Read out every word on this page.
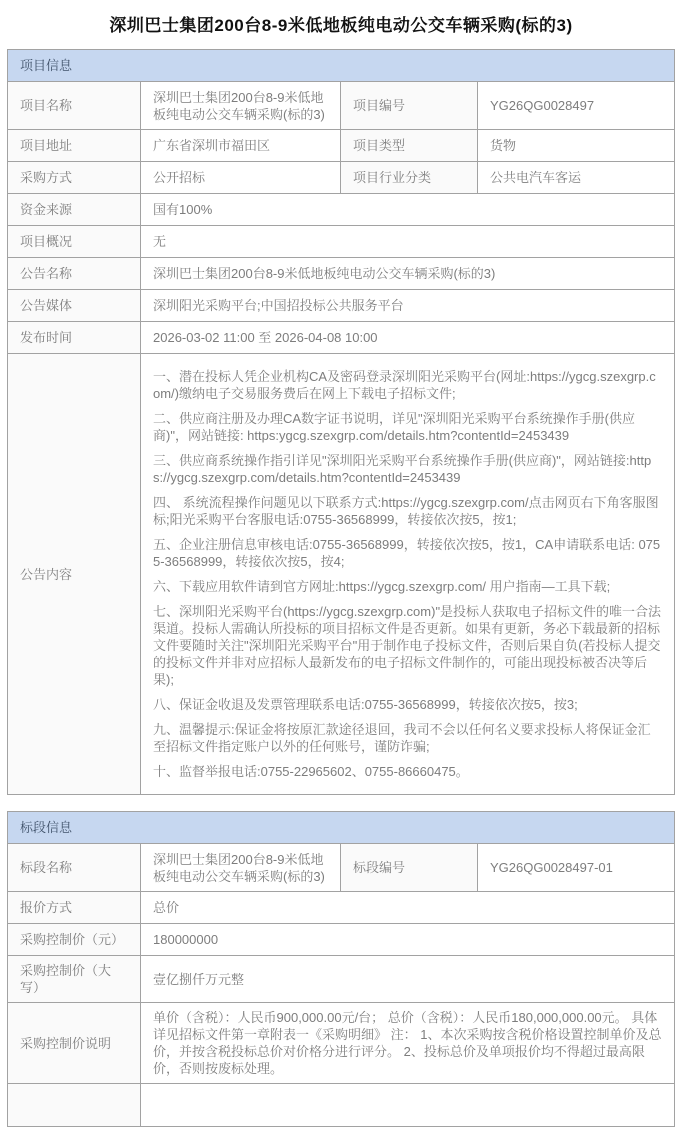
深圳巴士集团200台8-9米低地板纯电动公交车辆采购(标的3)
项目信息			
项目名称	深圳巴士集团200台8-9米低地板纯电动公交车辆采购(标的3)	项目编号	YG26QG0028497
项目地址	广东省深圳市福田区	项目类型	货物
采购方式	公开招标	项目行业分类	公共电汽车客运
资金来源	国有100%		
项目概况	无		
公告名称	深圳巴士集团200台8-9米低地板纯电动公交车辆采购(标的3)		
公告媒体	深圳阳光采购平台;中国招投标公共服务平台		
发布时间	2026-03-02 11:00 至 2026-04-08 10:00		
公告内容	

一、潜在投标人凭企业机构CA及密码登录深圳阳光采购平台(网址:https://ygcg.szexgrp.com/)缴纳电子交易服务费后在网上下载电子招标文件;

二、供应商注册及办理CA数字证书说明，详见"深圳阳光采购平台系统操作手册(供应商)"，网站链接: https:ygcg.szexgrp.com/details.htm?contentId=2453439

三、供应商系统操作指引详见"深圳阳光采购平台系统操作手册(供应商)"，网站链接:https://ygcg.szexgrp.com/details.htm?contentId=2453439

四、 系统流程操作问题见以下联系方式:https://ygcg.szexgrp.com/点击网页右下角客服图标;阳光采购平台客服电话:0755-36568999，转接依次按5，按1;

五、企业注册信息审核电话:0755-36568999，转接依次按5，按1，CA申请联系电话: 0755-36568999，转接依次按5，按4;

六、下载应用软件请到官方网址:https://ygcg.szexgrp.com/ 用户指南—工具下载;

七、深圳阳光采购平台(https://ygcg.szexgrp.com)"是投标人获取电子招标文件的唯一合法渠道。投标人需确认所投标的项目招标文件是否更新。如果有更新，务必下载最新的招标文件要随时关注"深圳阳光采购平台"用于制作电子投标文件，否则后果自负(若投标人提交的投标文件并非对应招标人最新发布的电子招标文件制作的，可能出现投标被否决等后果);

八、保证金收退及发票管理联系电话:0755-36568999，转接依次按5，按3;

九、温馨提示:保证金将按原汇款途径退回，我司不会以任何名义要求投标人将保证金汇至招标文件指定账户以外的任何账号，谨防诈骗;

十、监督举报电话:0755-22965602、0755-86660475。

标段信息			
标段名称	深圳巴士集团200台8-9米低地板纯电动公交车辆采购(标的3)	标段编号	YG26QG0028497-01
报价方式	总价		
采购控制价（元）	180000000		
采购控制价（大写）	壹亿捌仟万元整		
采购控制价说明	单价（含税）：人民币900,000.00元/台； 总价（含税）：人民币180,000,000.00元。 具体详见招标文件第一章附表一《采购明细》 注： 1、本次采购按含税价格设置控制单价及总价，并按含税投标总价对价格分进行评分。 2、投标总价及单项报价均不得超过最高限价，否则按废标处理。		
